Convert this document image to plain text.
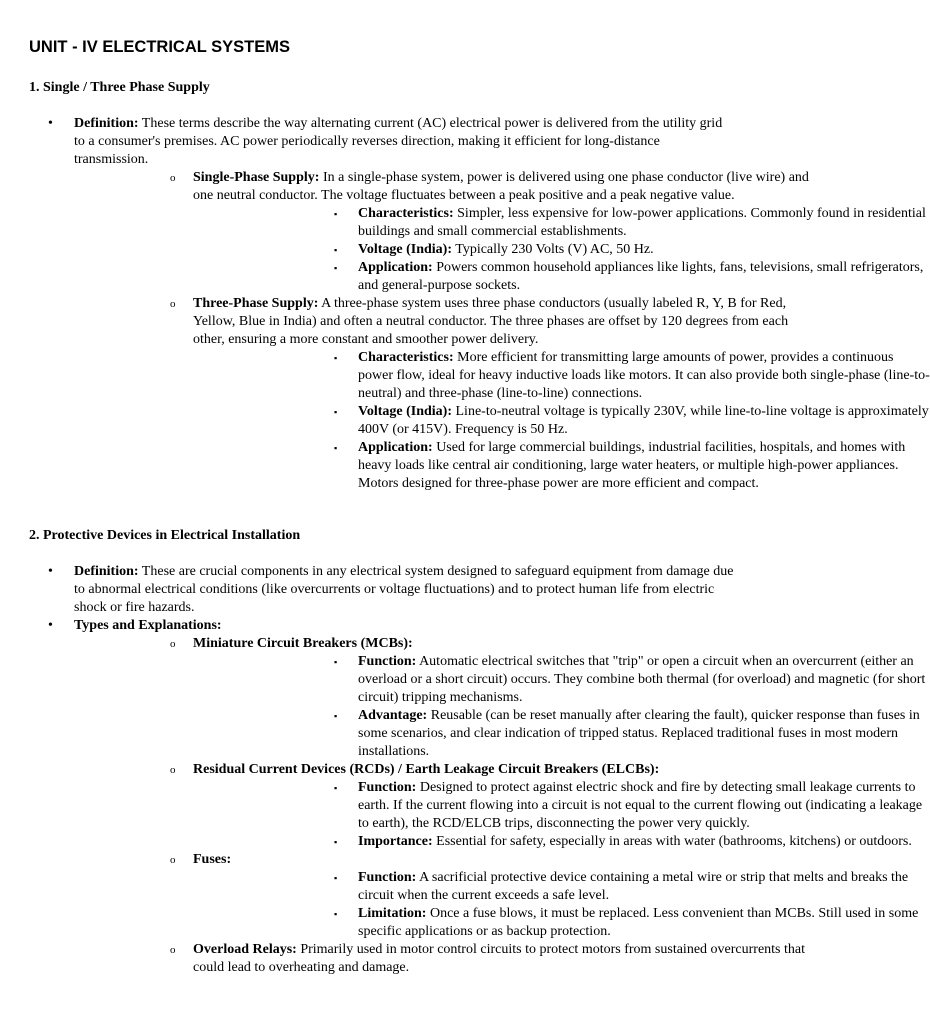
UNIT - IV ELECTRICAL SYSTEMS
1. Single / Three Phase Supply
• Definition: These terms describe the way alternating current (AC) electrical power is delivered from the utility grid to a consumer's premises. AC power periodically reverses direction, making it efficient for long-distance transmission.
o Single-Phase Supply: In a single-phase system, power is delivered using one phase conductor (live wire) and one neutral conductor. The voltage fluctuates between a peak positive and a peak negative value.
▪ Characteristics: Simpler, less expensive for low-power applications. Commonly found in residential buildings and small commercial establishments.
▪ Voltage (India): Typically 230 Volts (V) AC, 50 Hz.
▪ Application: Powers common household appliances like lights, fans, televisions, small refrigerators, and general-purpose sockets.
o Three-Phase Supply: A three-phase system uses three phase conductors (usually labeled R, Y, B for Red, Yellow, Blue in India) and often a neutral conductor. The three phases are offset by 120 degrees from each other, ensuring a more constant and smoother power delivery.
▪ Characteristics: More efficient for transmitting large amounts of power, provides a continuous power flow, ideal for heavy inductive loads like motors. It can also provide both single-phase (line-to-neutral) and three-phase (line-to-line) connections.
▪ Voltage (India): Line-to-neutral voltage is typically 230V, while line-to-line voltage is approximately 400V (or 415V). Frequency is 50 Hz.
▪ Application: Used for large commercial buildings, industrial facilities, hospitals, and homes with heavy loads like central air conditioning, large water heaters, or multiple high-power appliances. Motors designed for three-phase power are more efficient and compact.
2. Protective Devices in Electrical Installation
• Definition: These are crucial components in any electrical system designed to safeguard equipment from damage due to abnormal electrical conditions (like overcurrents or voltage fluctuations) and to protect human life from electric shock or fire hazards.
• Types and Explanations:
o Miniature Circuit Breakers (MCBs):
▪ Function: Automatic electrical switches that "trip" or open a circuit when an overcurrent (either an overload or a short circuit) occurs. They combine both thermal (for overload) and magnetic (for short circuit) tripping mechanisms.
▪ Advantage: Reusable (can be reset manually after clearing the fault), quicker response than fuses in some scenarios, and clear indication of tripped status. Replaced traditional fuses in most modern installations.
o Residual Current Devices (RCDs) / Earth Leakage Circuit Breakers (ELCBs):
▪ Function: Designed to protect against electric shock and fire by detecting small leakage currents to earth. If the current flowing into a circuit is not equal to the current flowing out (indicating a leakage to earth), the RCD/ELCB trips, disconnecting the power very quickly.
▪ Importance: Essential for safety, especially in areas with water (bathrooms, kitchens) or outdoors.
o Fuses:
▪ Function: A sacrificial protective device containing a metal wire or strip that melts and breaks the circuit when the current exceeds a safe level.
▪ Limitation: Once a fuse blows, it must be replaced. Less convenient than MCBs. Still used in some specific applications or as backup protection.
o Overload Relays: Primarily used in motor control circuits to protect motors from sustained overcurrents that could lead to overheating and damage.
